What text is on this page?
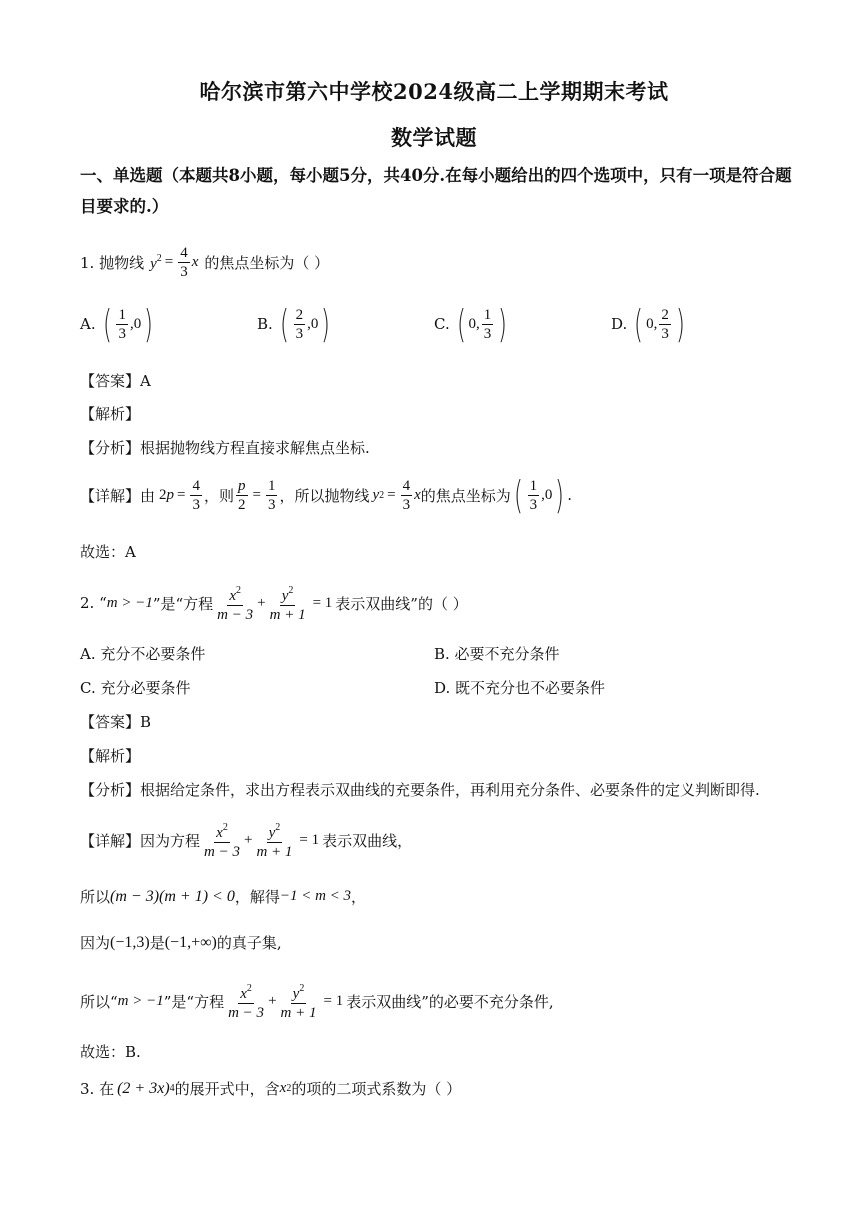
哈尔滨市第六中学校2024级高二上学期期末考试
数学试题
一、单选题（本题共8小题，每小题5分，共40分.在每小题给出的四个选项中，只有一项是符合题目要求的.）
1. 抛物线 $y^2 = \frac{4}{3}$ x 的焦点坐标为（ ）
A. ( $\frac{1}{3}$ , 0 )	B. ( $\frac{2}{3}$ , 0 )	C. ( 0 , $\frac{1}{3}$ )	D. ( 0 , $\frac{2}{3}$ )
【答案】A
【解析】
【分析】根据抛物线方程直接求解焦点坐标.
【详解】由 2 $p = \frac{4}{3}$ ，则 $\frac{p}{2} = \frac{1}{3}$ ，所以抛物线 y $2 = \frac{4}{3}$ x 的焦点坐标为 ( $\frac{1}{3} ,0$ ) .
故选：A
2. “ m > −1 ”是“方程 $\frac{x^2}{m - 3} + \frac{y^2}{m + 1} = 1$ 表示双曲线”的（ ）
A. 充分不必要条件	B. 必要不充分条件
C. 充分必要条件	D. 既不充分也不必要条件
【答案】B
【解析】
【分析】根据给定条件，求出方程表示双曲线的充要条件，再利用充分条件、必要条件的定义判断即得.
【详解】因为方程 $\frac{x^2}{m - 3} + \frac{y^2}{m + 1} = 1$ 表示双曲线，
所以 (m − 3)(m + 1) < 0 ，解得 −1 < m < 3 ，
因为 (−1,3) 是 (−1,+∞) 的真子集,
所以“ m > −1 ”是“方程 $\frac{x^2}{m - 3} + \frac{y^2}{m + 1} = 1$ 表示双曲线”的必要不充分条件,
故选：B.
3. 在 (2 + 3x) 4 的展开式中，含 x 2 的项的二项式系数为（ ）
